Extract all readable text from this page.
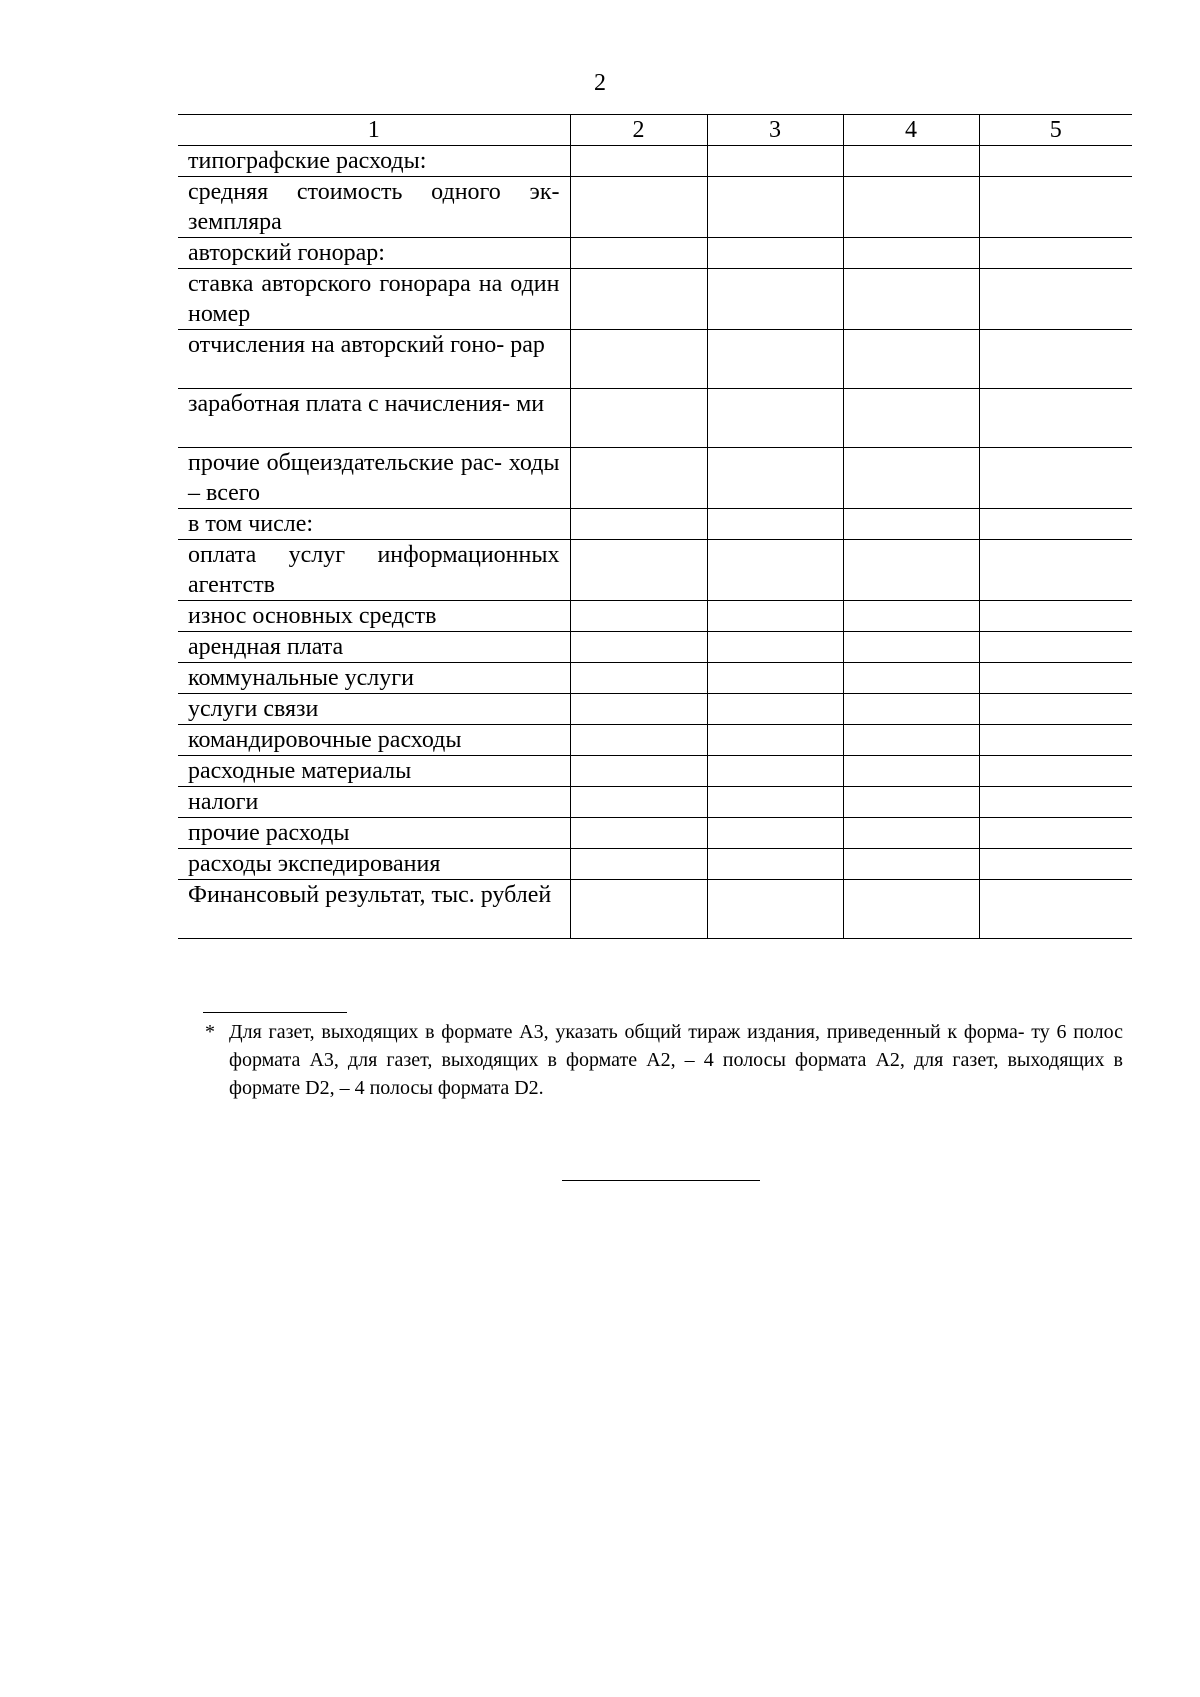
2
1	2	3	4	5
типографские расходы:				
средняя стоимость одного эк- земпляра				
авторский гонорар:				
ставка авторского гонорара на один номер				
отчисления на авторский гоно- рар				
заработная плата с начисления- ми				
прочие общеиздательские рас- ходы – всего				
в том числе:				
оплата услуг информационных агентств				
износ основных средств				
арендная плата				
коммунальные услуги				
услуги связи				
командировочные расходы				
расходные материалы				
налоги				
прочие расходы				
расходы экспедирования				
Финансовый результат, тыс. рублей				
* Для газет, выходящих в формате А3, указать общий тираж издания, приведенный к форма- ту 6 полос формата А3, для газет, выходящих в формате А2, – 4 полосы формата А2, для газет, выходящих в формате D2, – 4 полосы формата D2.
